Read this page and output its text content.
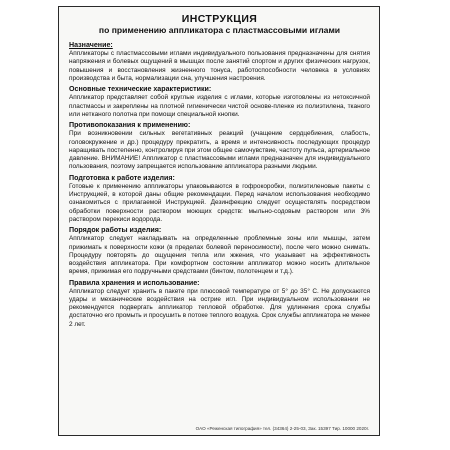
ИНСТРУКЦИЯ
по применению аппликатора с пластмассовыми иглами
Назначение:
Аппликаторы с пластмассовыми иглами индивидуального пользования предназначены для снятия напряжения и болевых ощущений в мышцах после занятий спортом и других физических нагрузок, повышения и восстановления жизненного тонуса, работоспособности человека в условиях производства и быта, нормализации сна, улучшения настроения.
Основные технические характеристики:
Аппликатор представляет собой круглые изделия с иглами, которые изготовлены из нетоксичной пластмассы и закреплены на плотной гигиенически чистой основе-пленке из полиэтилена, тканого или нетканого полотна при помощи специальной кнопки.
Противопоказания к применению:
При возникновении сильных вегетативных реакций (учащение сердцебиения, слабость, головокружение и др.) процедуру прекратить, а время и интенсивность последующих процедур наращивать постепенно, контролируя при этом общее самочувствие, частоту пульса, артериальное давление. ВНИМАНИЕ! Аппликатор с пластмассовыми иглами предназначен для индивидуального пользования, поэтому запрещается использование аппликатора разными людьми.
Подготовка к работе изделия:
Готовые к применению аппликаторы упаковываются в гофрокоробки, полиэтиленовые пакеты с Инструкцией, в которой даны общие рекомендации. Перед началом использования необходимо ознакомиться с прилагаемой Инструкцией. Дезинфекцию следует осуществлять посредством обработки поверхности раствором моющих средств: мыльно-содовым раствором или 3% раствором перекиси водорода.
Порядок работы изделия:
Аппликатор следует накладывать на определенные проблемные зоны или мышцы, затем прижимать к поверхности кожи (в пределах болевой переносимости), после чего можно снимать. Процедуру повторять до ощущения тепла или жжения, что указывает на эффективность воздействия аппликатора. При комфортном состоянии аппликатор можно носить длительное время, прижимая его подручными средствами (бинтом, полотенцем и т.д.).
Правила хранения и использование:
Аппликатор следует хранить в пакете при плюсовой температуре от 5° до 35° С. Не допускаются удары и механические воздействия на острие игл. При индивидуальном использовании не рекомендуется подвергать аппликатор тепловой обработке. Для удлинения срока службы достаточно его промыть и просушить в потоке теплого воздуха. Срок службы аппликатора не менее 2 лет.
ОАО «Реженская типография» тел. (34364) 2-25-03, Зак. 15397 Тир. 10000 2020г.
